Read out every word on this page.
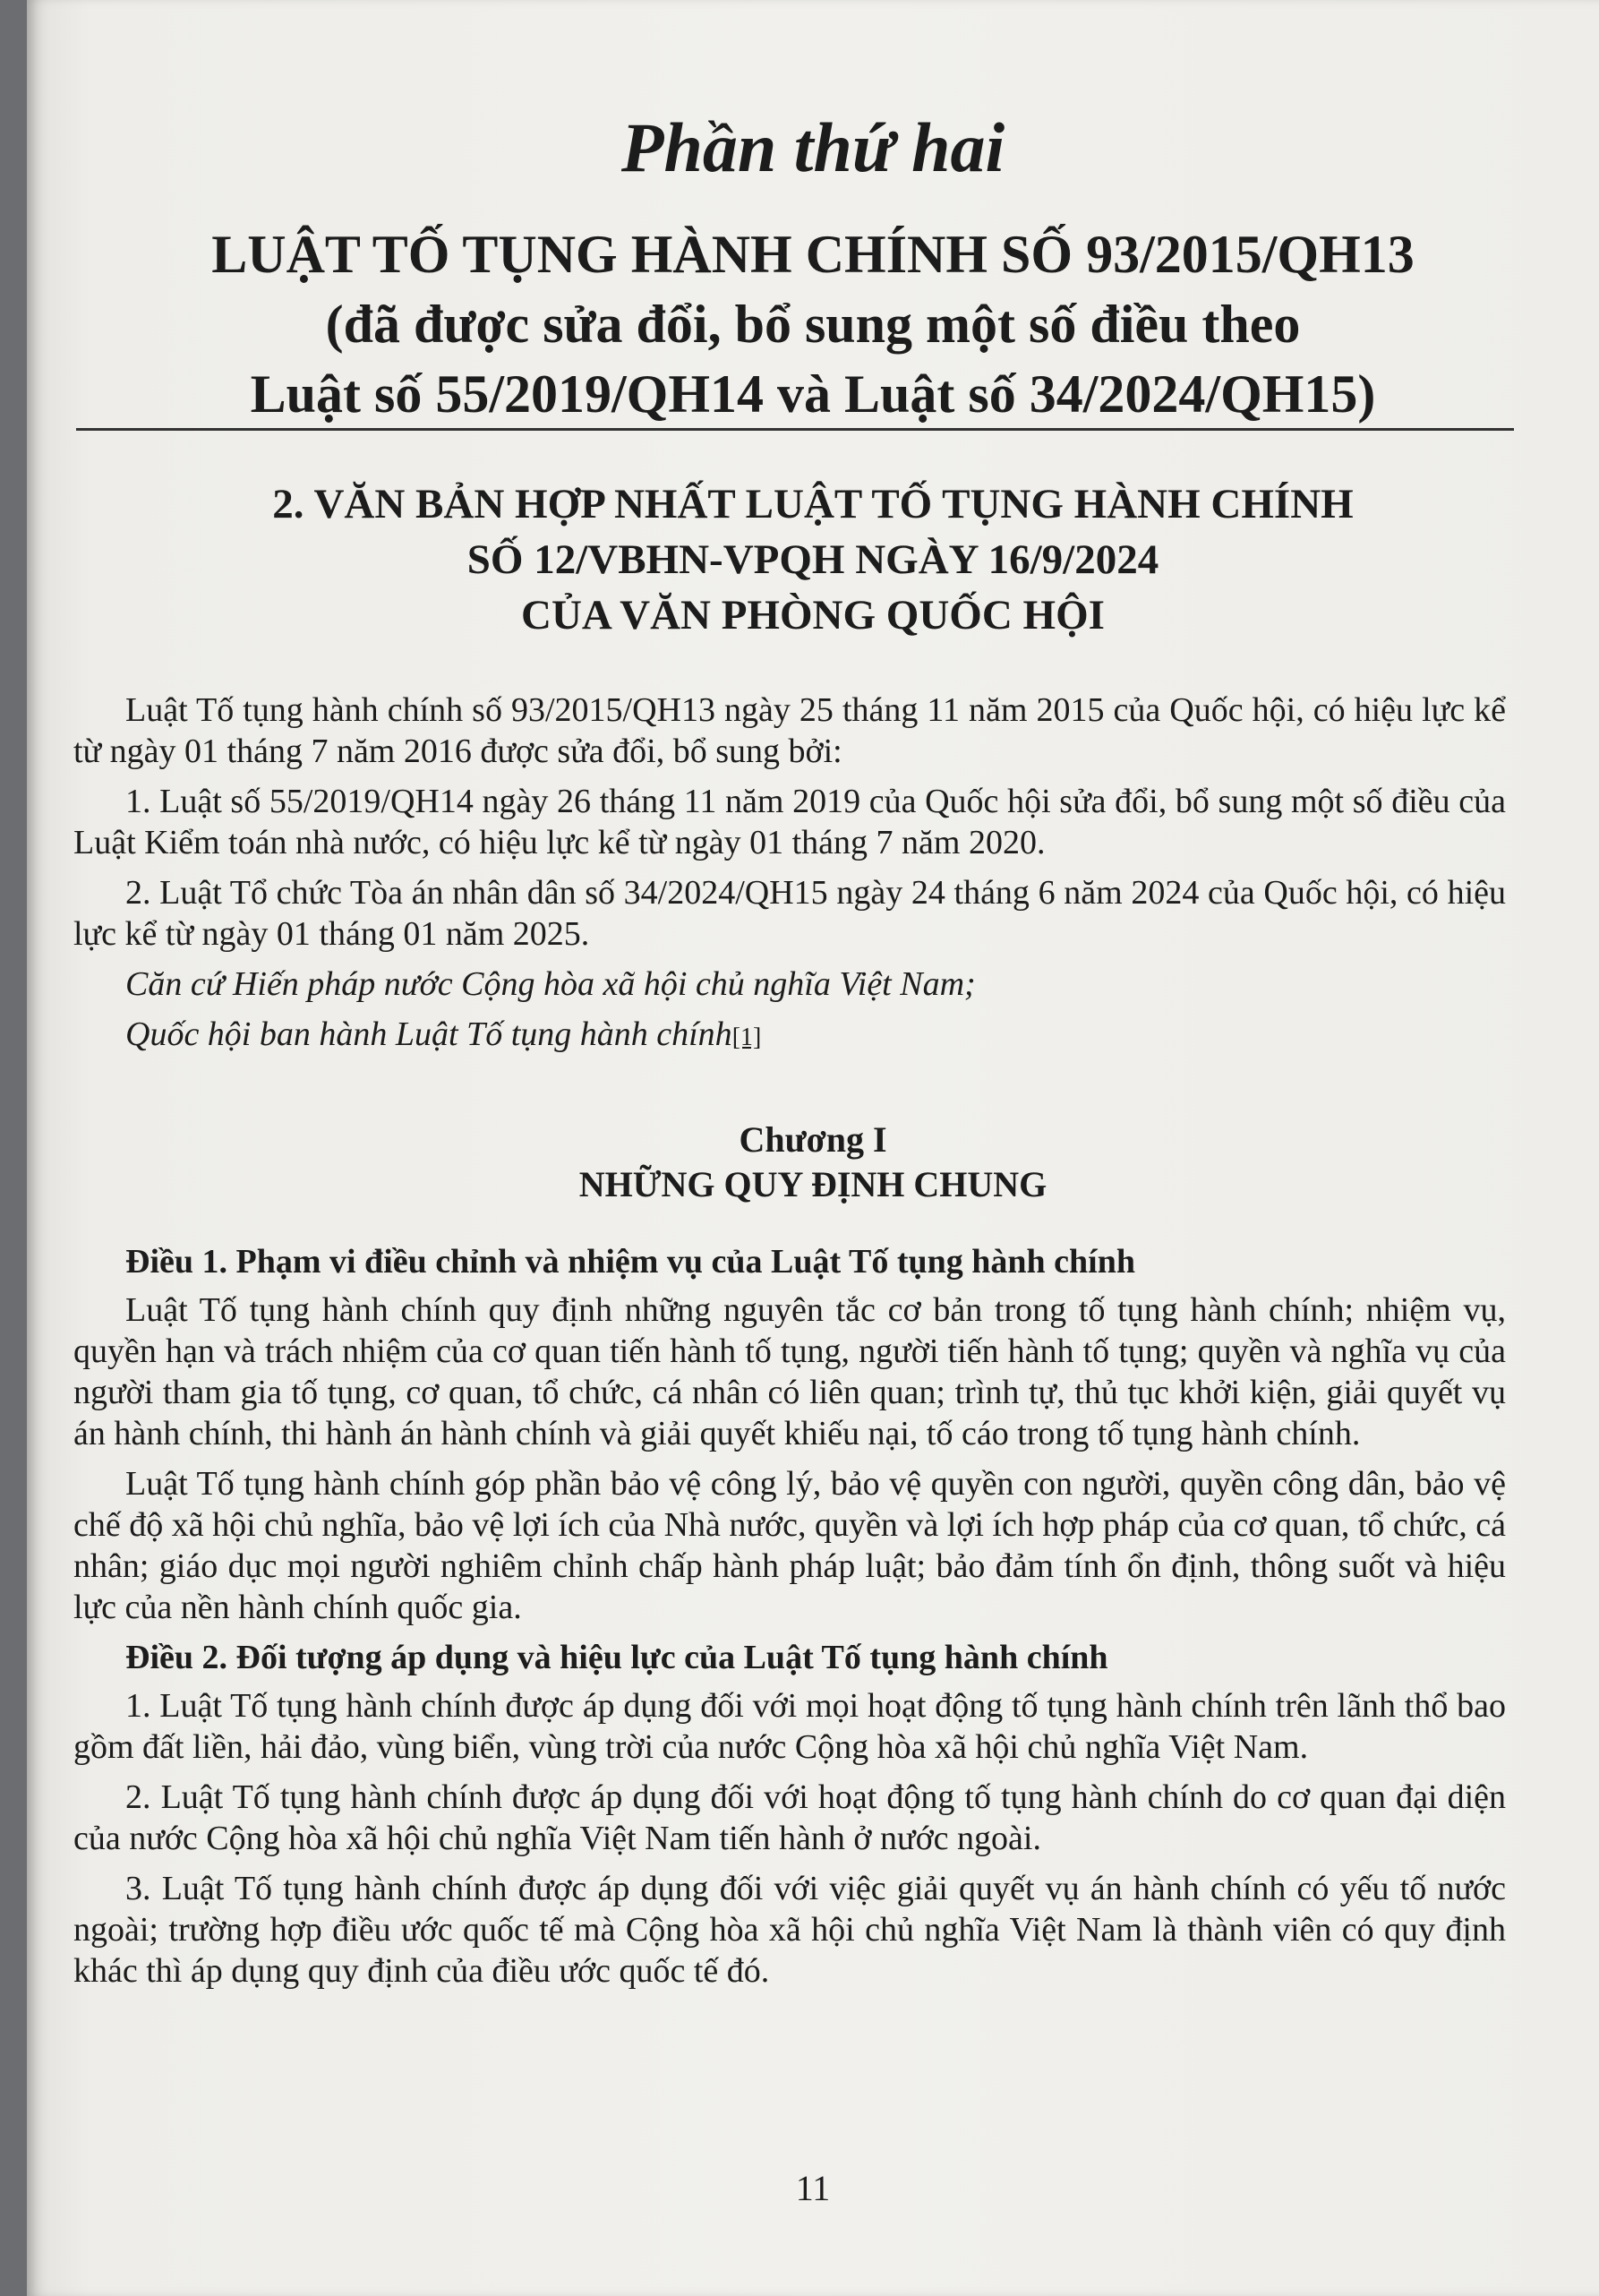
Phần thứ hai
LUẬT TỐ TỤNG HÀNH CHÍNH SỐ 93/2015/QH13
(đã được sửa đổi, bổ sung một số điều theo
Luật số 55/2019/QH14 và Luật số 34/2024/QH15)
2. VĂN BẢN HỢP NHẤT LUẬT TỐ TỤNG HÀNH CHÍNH
SỐ 12/VBHN-VPQH NGÀY 16/9/2024
CỦA VĂN PHÒNG QUỐC HỘI

Luật Tố tụng hành chính số 93/2015/QH13 ngày 25 tháng 11 năm 2015 của Quốc hội, có hiệu lực kể từ ngày 01 tháng 7 năm 2016 được sửa đổi, bổ sung bởi:

1. Luật số 55/2019/QH14 ngày 26 tháng 11 năm 2019 của Quốc hội sửa đổi, bổ sung một số điều của Luật Kiểm toán nhà nước, có hiệu lực kể từ ngày 01 tháng 7 năm 2020.

2. Luật Tổ chức Tòa án nhân dân số 34/2024/QH15 ngày 24 tháng 6 năm 2024 của Quốc hội, có hiệu lực kể từ ngày 01 tháng 01 năm 2025.

Căn cứ Hiến pháp nước Cộng hòa xã hội chủ nghĩa Việt Nam;

Quốc hội ban hành Luật Tố tụng hành chính[1]

Chương I
NHỮNG QUY ĐỊNH CHUNG
Điều 1. Phạm vi điều chỉnh và nhiệm vụ của Luật Tố tụng hành chính

Luật Tố tụng hành chính quy định những nguyên tắc cơ bản trong tố tụng hành chính; nhiệm vụ, quyền hạn và trách nhiệm của cơ quan tiến hành tố tụng, người tiến hành tố tụng; quyền và nghĩa vụ của người tham gia tố tụng, cơ quan, tổ chức, cá nhân có liên quan; trình tự, thủ tục khởi kiện, giải quyết vụ án hành chính, thi hành án hành chính và giải quyết khiếu nại, tố cáo trong tố tụng hành chính.

Luật Tố tụng hành chính góp phần bảo vệ công lý, bảo vệ quyền con người, quyền công dân, bảo vệ chế độ xã hội chủ nghĩa, bảo vệ lợi ích của Nhà nước, quyền và lợi ích hợp pháp của cơ quan, tổ chức, cá nhân; giáo dục mọi người nghiêm chỉnh chấp hành pháp luật; bảo đảm tính ổn định, thông suốt và hiệu lực của nền hành chính quốc gia.

Điều 2. Đối tượng áp dụng và hiệu lực của Luật Tố tụng hành chính

1. Luật Tố tụng hành chính được áp dụng đối với mọi hoạt động tố tụng hành chính trên lãnh thổ bao gồm đất liền, hải đảo, vùng biển, vùng trời của nước Cộng hòa xã hội chủ nghĩa Việt Nam.

2. Luật Tố tụng hành chính được áp dụng đối với hoạt động tố tụng hành chính do cơ quan đại diện của nước Cộng hòa xã hội chủ nghĩa Việt Nam tiến hành ở nước ngoài.

3. Luật Tố tụng hành chính được áp dụng đối với việc giải quyết vụ án hành chính có yếu tố nước ngoài; trường hợp điều ước quốc tế mà Cộng hòa xã hội chủ nghĩa Việt Nam là thành viên có quy định khác thì áp dụng quy định của điều ước quốc tế đó.

11
